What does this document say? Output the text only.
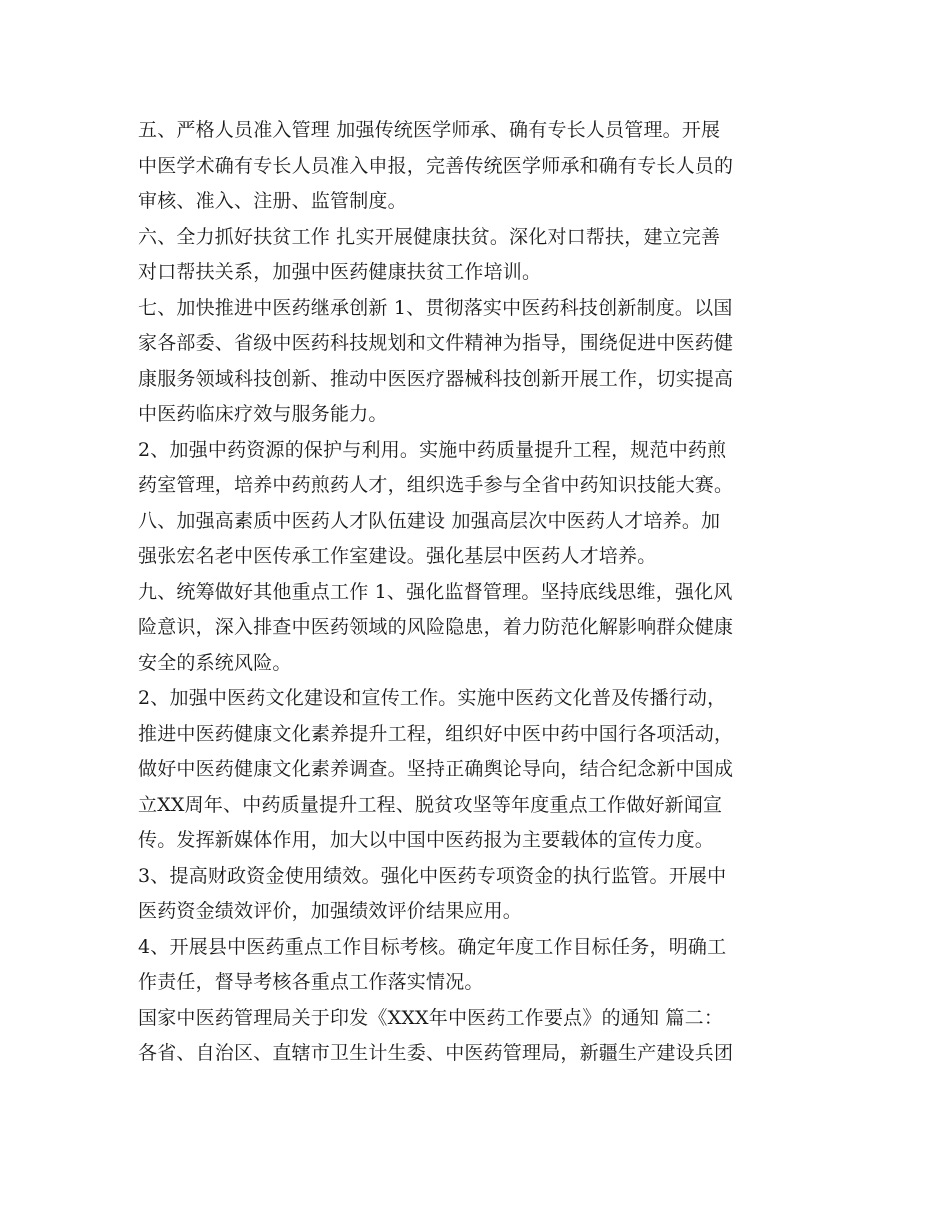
五、严格人员准入管理 加强传统医学师承、确有专长人员管理。开展
中医学术确有专长人员准入申报，完善传统医学师承和确有专长人员的
审核、准入、注册、监管制度。
六、全力抓好扶贫工作 扎实开展健康扶贫。深化对口帮扶，建立完善
对口帮扶关系，加强中医药健康扶贫工作培训。
七、加快推进中医药继承创新 1、贯彻落实中医药科技创新制度。以国
家各部委、省级中医药科技规划和文件精神为指导，围绕促进中医药健
康服务领域科技创新、推动中医医疗器械科技创新开展工作，切实提高
中医药临床疗效与服务能力。
2、加强中药资源的保护与利用。实施中药质量提升工程，规范中药煎
药室管理，培养中药煎药人才，组织选手参与全省中药知识技能大赛。
八、加强高素质中医药人才队伍建设 加强高层次中医药人才培养。加
强张宏名老中医传承工作室建设。强化基层中医药人才培养。
九、统筹做好其他重点工作 1、强化监督管理。坚持底线思维，强化风
险意识，深入排查中医药领域的风险隐患，着力防范化解影响群众健康
安全的系统风险。
2、加强中医药文化建设和宣传工作。实施中医药文化普及传播行动，
推进中医药健康文化素养提升工程，组织好中医中药中国行各项活动，
做好中医药健康文化素养调查。坚持正确舆论导向，结合纪念新中国成
立XX周年、中药质量提升工程、脱贫攻坚等年度重点工作做好新闻宣
传。发挥新媒体作用，加大以中国中医药报为主要载体的宣传力度。
3、提高财政资金使用绩效。强化中医药专项资金的执行监管。开展中
医药资金绩效评价，加强绩效评价结果应用。
4、开展县中医药重点工作目标考核。确定年度工作目标任务，明确工
作责任，督导考核各重点工作落实情况。
国家中医药管理局关于印发《XXX年中医药工作要点》的通知 篇二：
各省、自治区、直辖市卫生计生委、中医药管理局，新疆生产建设兵团
